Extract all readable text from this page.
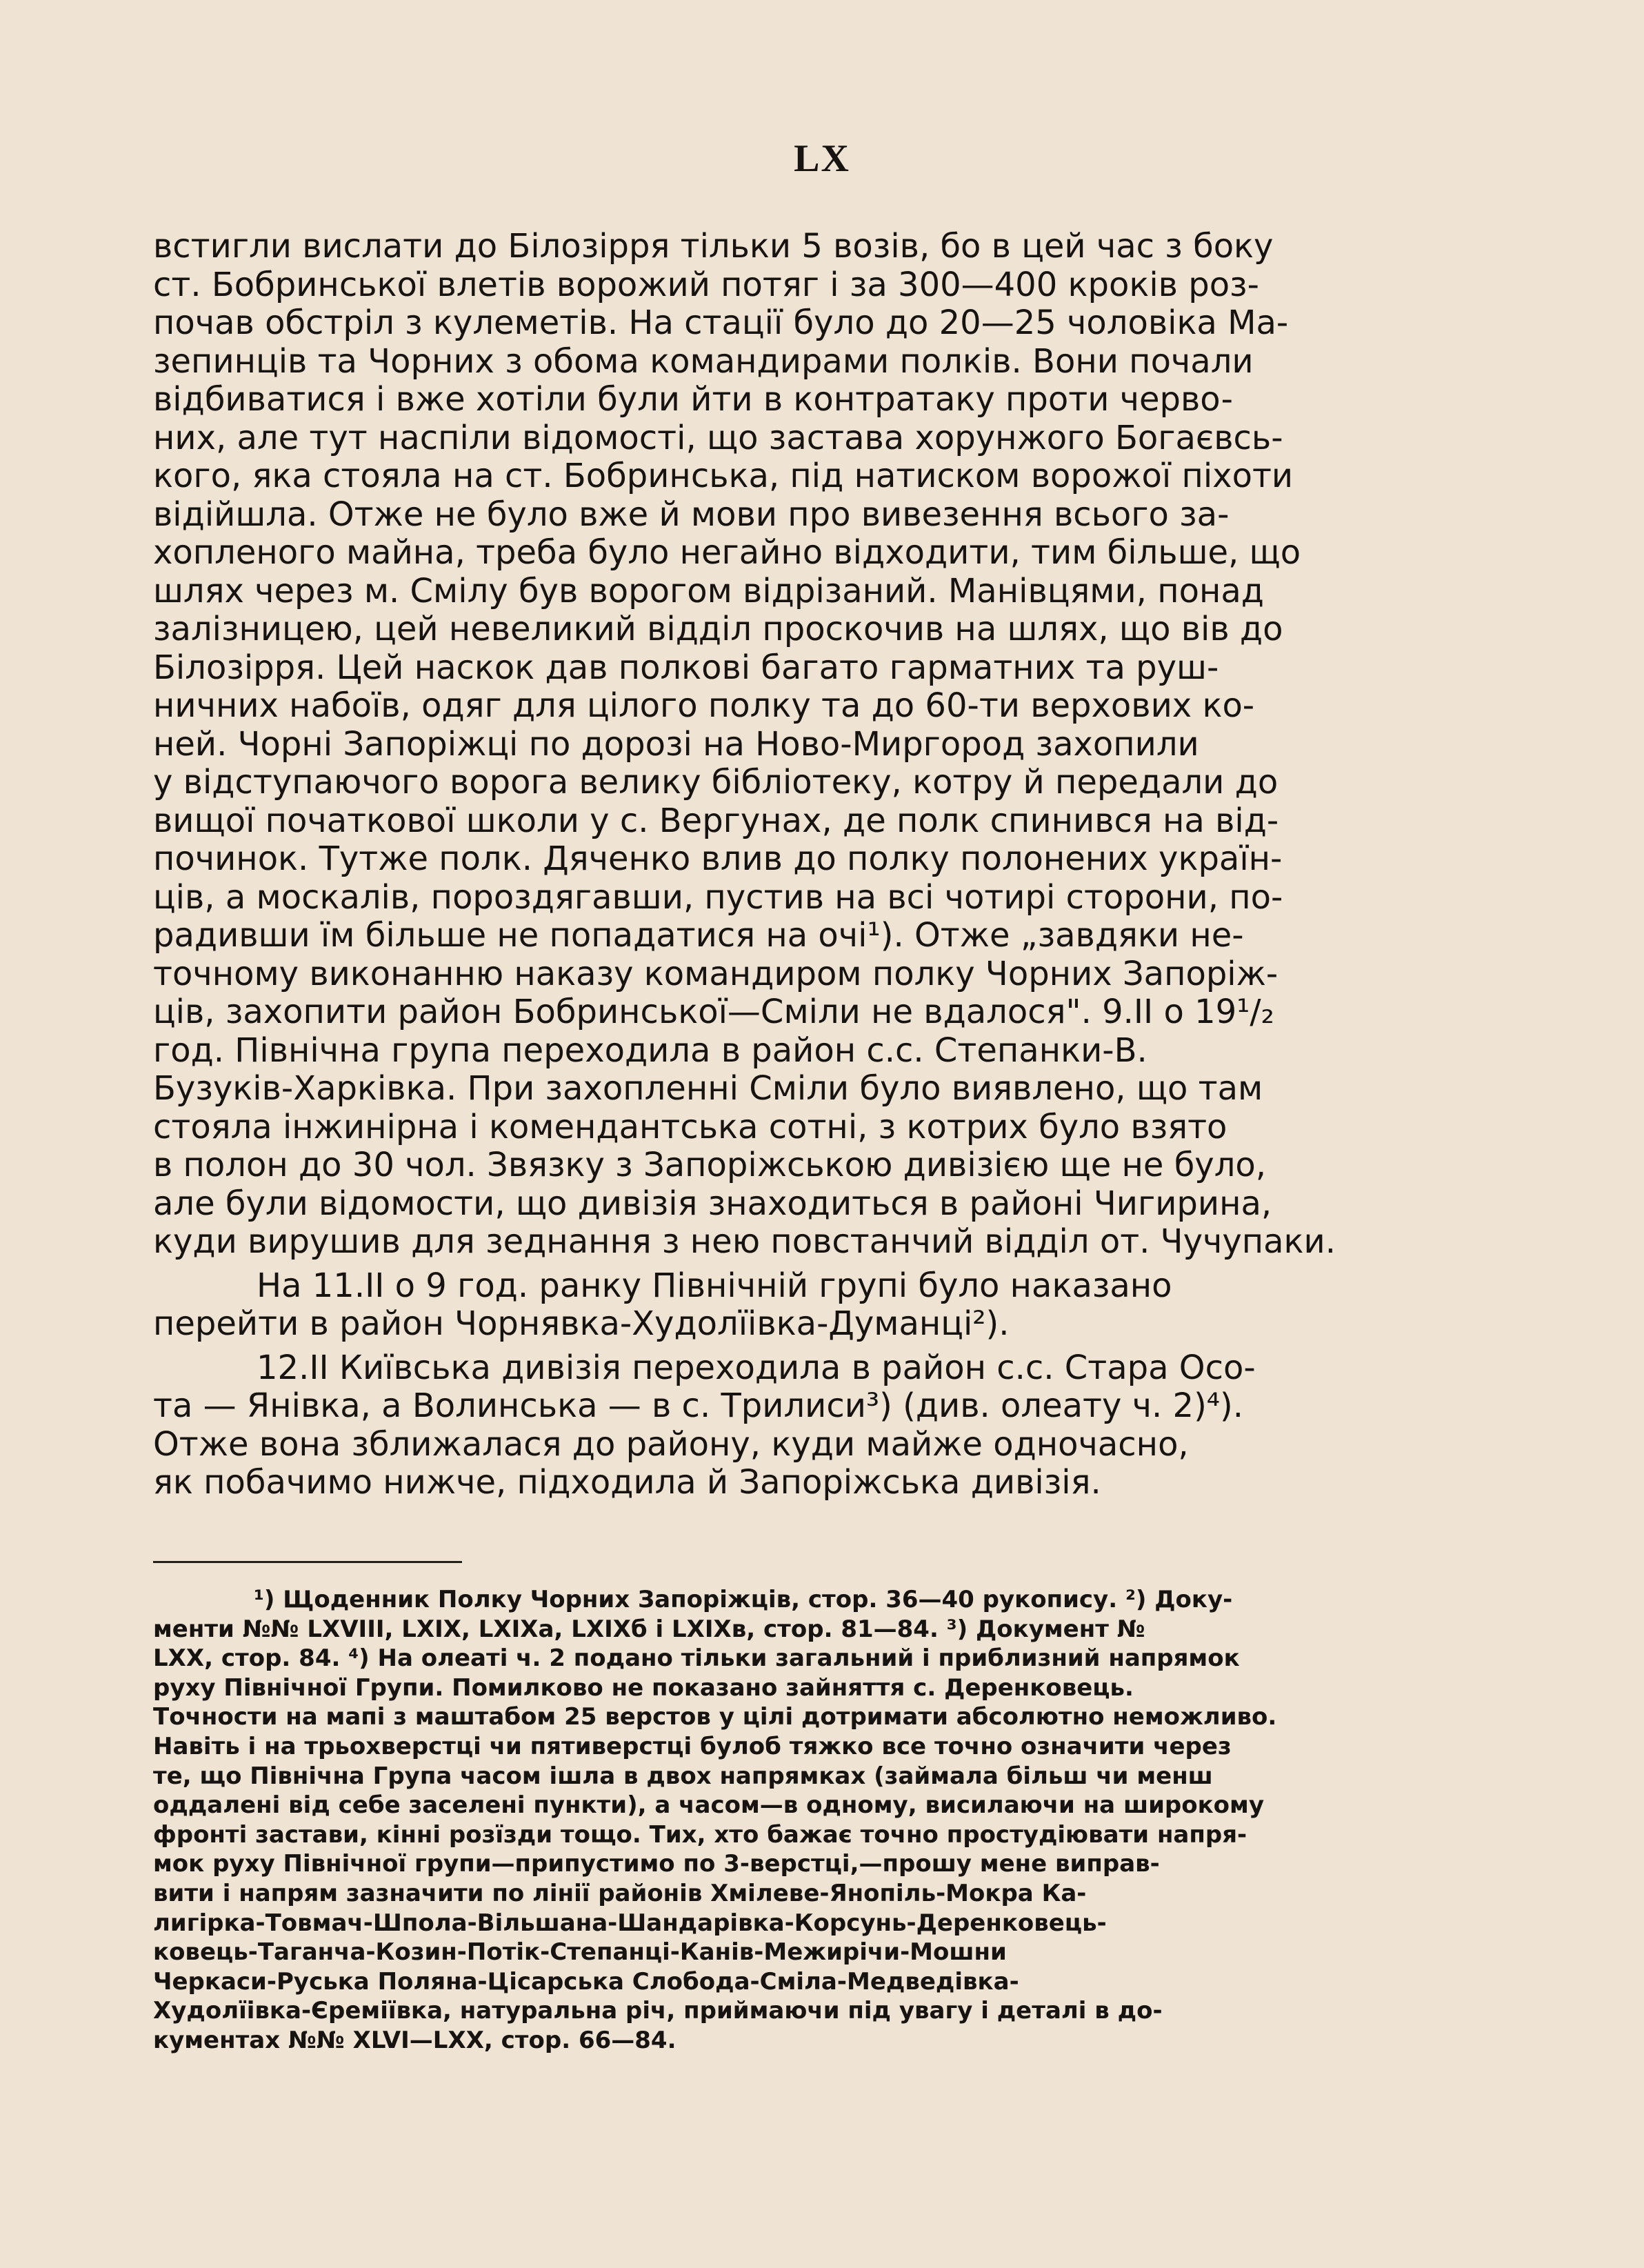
LX

встигли вислати до Білозірря тільки 5 возів, бо в цей час з боку
ст. Бобринської влетів ворожий потяг і за 300—400 кроків роз-
почав обстріл з кулеметів. На стації було до 20—25 чоловіка Ма-
зепинців та Чорних з обома командирами полків. Вони почали
відбиватися і вже хотіли були йти в контратаку проти червo-
них, але тут наспіли відомості, що застава хорунжого Богаєвсь-
кого, яка стояла на ст. Бобринська, під натиском ворожої піхоти
відійшла. Отже не було вже й мови про вивезення всього за-
хопленого майна, треба було негайно відходити, тим більше, що
шлях через м. Смілу був ворогом відрізаний. Манівцями, понад
залізницею, цей невеликий відділ проскочив на шлях, що вів до
Білозірря. Цей наскок дав полкові багато гарматних та руш-
ничних набоїв, одяг для цілого полку та до 60-ти верхових ко-
ней. Чорні Запоріжці по дорозі на Ново-Миргород захопили
у відступаючого ворога велику бібліотеку, котру й передали до
вищої початкової школи у с. Вергунах, де полк спинився на від-
починок. Тутже полк. Дяченко влив до полку полонених україн-
ців, а москалів, пороздягавши, пустив на всі чотирі сторони, по-
радивши їм більше не попадатися на очі¹). Отже „завдяки не-
точному виконанню наказу командиром полку Чорних Запоріж-
ців, захопити район Бобринської—Сміли не вдалося". 9.II о 19¹/₂
год. Північна група переходила в район с.с. Степанки-В.
Бузуків-Харківка. При захопленні Сміли було виявлено, що там
стояла інжинірна і комендантська сотні, з котрих було взято
в полон до 30 чол. Звязку з Запоріжською дивізією ще не було,
але були відомости, що дивізія знаходиться в районі Чигирина,
куди вирушив для зеднання з нею повстанчий відділ от. Чучупаки.

На 11.II о 9 год. ранку Північній групі було наказано
перейти в район Чорнявка-Худолїівка-Думанці²).

12.II Київська дивізія переходила в район с.с. Стара Осо-
та — Янівка, а Волинська — в с. Трилиси³) (див. олеату ч. 2)⁴).
Отже вона зближалася до району, куди майже одночасно,
як побачимо нижче, підходила й Запоріжська дивізія.

¹) Щоденник Полку Чорних Запоріжців, стор. 36—40 рукопису. ²) Доку-
менти №№ LXVIII, LXIX, LXIXa, LXIXб і LXIXв, стор. 81—84. ³) Документ №
LXX, стор. 84. ⁴) На олеаті ч. 2 подано тільки загальний і приблизний напрямок
руху Північної Групи. Помилково не показано зайняття с. Деренковець.
Точности на мапі з маштабом 25 верстов у цілі дотримати абсолютно неможливо.
Навіть і на трьохверстці чи пятиверстці булоб тяжко все точно означити через
те, що Північна Група часом ішла в двох напрямках (займала більш чи менш
оддалені від себе заселені пункти), а часом—в одному, висилаючи на широкому
фронті застави, кінні розїзди тощо. Тих, хто бажає точно простудіювати напря-
мок руху Північної групи—припустимо по 3-верстці,—прошу мене виправ-
вити і напрям зазначити по лінії районів Хмілеве-Янопіль-Мокра Ка-
лигірка-Товмач-Шпола-Вільшана-Шандарівка-Корсунь-Деренковець-
ковець-Таганча-Козин-Потік-Степанці-Канів-Межирічи-Мошни
Черкаси-Руська Поляна-Цісарська Слобода-Сміла-Медведівка-
Худолїівка-Єреміївка, натуральна річ, приймаючи під увагу і деталі в до-
кументах №№ XLVI—LXX, стор. 66—84.
